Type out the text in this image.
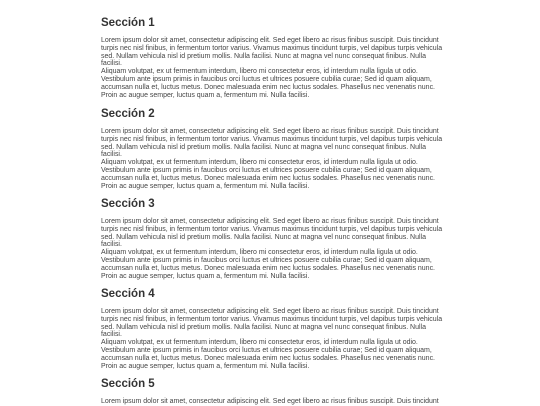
Sección 1

Lorem ipsum dolor sit amet, consectetur adipiscing elit. Sed eget libero ac risus finibus suscipit. Duis tincidunt
turpis nec nisl finibus, in fermentum tortor varius. Vivamus maximus tincidunt turpis, vel dapibus turpis vehicula
sed. Nullam vehicula nisl id pretium mollis. Nulla facilisi. Nunc at magna vel nunc consequat finibus. Nulla facilisi.
Aliquam volutpat, ex ut fermentum interdum, libero mi consectetur eros, id interdum nulla ligula ut odio.
Vestibulum ante ipsum primis in faucibus orci luctus et ultrices posuere cubilia curae; Sed id quam aliquam,
accumsan nulla et, luctus metus. Donec malesuada enim nec luctus sodales. Phasellus nec venenatis nunc.
Proin ac augue semper, luctus quam a, fermentum mi. Nulla facilisi.

Sección 2

Lorem ipsum dolor sit amet, consectetur adipiscing elit. Sed eget libero ac risus finibus suscipit. Duis tincidunt
turpis nec nisl finibus, in fermentum tortor varius. Vivamus maximus tincidunt turpis, vel dapibus turpis vehicula
sed. Nullam vehicula nisl id pretium mollis. Nulla facilisi. Nunc at magna vel nunc consequat finibus. Nulla facilisi.
Aliquam volutpat, ex ut fermentum interdum, libero mi consectetur eros, id interdum nulla ligula ut odio.
Vestibulum ante ipsum primis in faucibus orci luctus et ultrices posuere cubilia curae; Sed id quam aliquam,
accumsan nulla et, luctus metus. Donec malesuada enim nec luctus sodales. Phasellus nec venenatis nunc.
Proin ac augue semper, luctus quam a, fermentum mi. Nulla facilisi.

Sección 3

Lorem ipsum dolor sit amet, consectetur adipiscing elit. Sed eget libero ac risus finibus suscipit. Duis tincidunt
turpis nec nisl finibus, in fermentum tortor varius. Vivamus maximus tincidunt turpis, vel dapibus turpis vehicula
sed. Nullam vehicula nisl id pretium mollis. Nulla facilisi. Nunc at magna vel nunc consequat finibus. Nulla facilisi.
Aliquam volutpat, ex ut fermentum interdum, libero mi consectetur eros, id interdum nulla ligula ut odio.
Vestibulum ante ipsum primis in faucibus orci luctus et ultrices posuere cubilia curae; Sed id quam aliquam,
accumsan nulla et, luctus metus. Donec malesuada enim nec luctus sodales. Phasellus nec venenatis nunc.
Proin ac augue semper, luctus quam a, fermentum mi. Nulla facilisi.

Sección 4

Lorem ipsum dolor sit amet, consectetur adipiscing elit. Sed eget libero ac risus finibus suscipit. Duis tincidunt
turpis nec nisl finibus, in fermentum tortor varius. Vivamus maximus tincidunt turpis, vel dapibus turpis vehicula
sed. Nullam vehicula nisl id pretium mollis. Nulla facilisi. Nunc at magna vel nunc consequat finibus. Nulla facilisi.
Aliquam volutpat, ex ut fermentum interdum, libero mi consectetur eros, id interdum nulla ligula ut odio.
Vestibulum ante ipsum primis in faucibus orci luctus et ultrices posuere cubilia curae; Sed id quam aliquam,
accumsan nulla et, luctus metus. Donec malesuada enim nec luctus sodales. Phasellus nec venenatis nunc.
Proin ac augue semper, luctus quam a, fermentum mi. Nulla facilisi.

Sección 5

Lorem ipsum dolor sit amet, consectetur adipiscing elit. Sed eget libero ac risus finibus suscipit. Duis tincidunt
